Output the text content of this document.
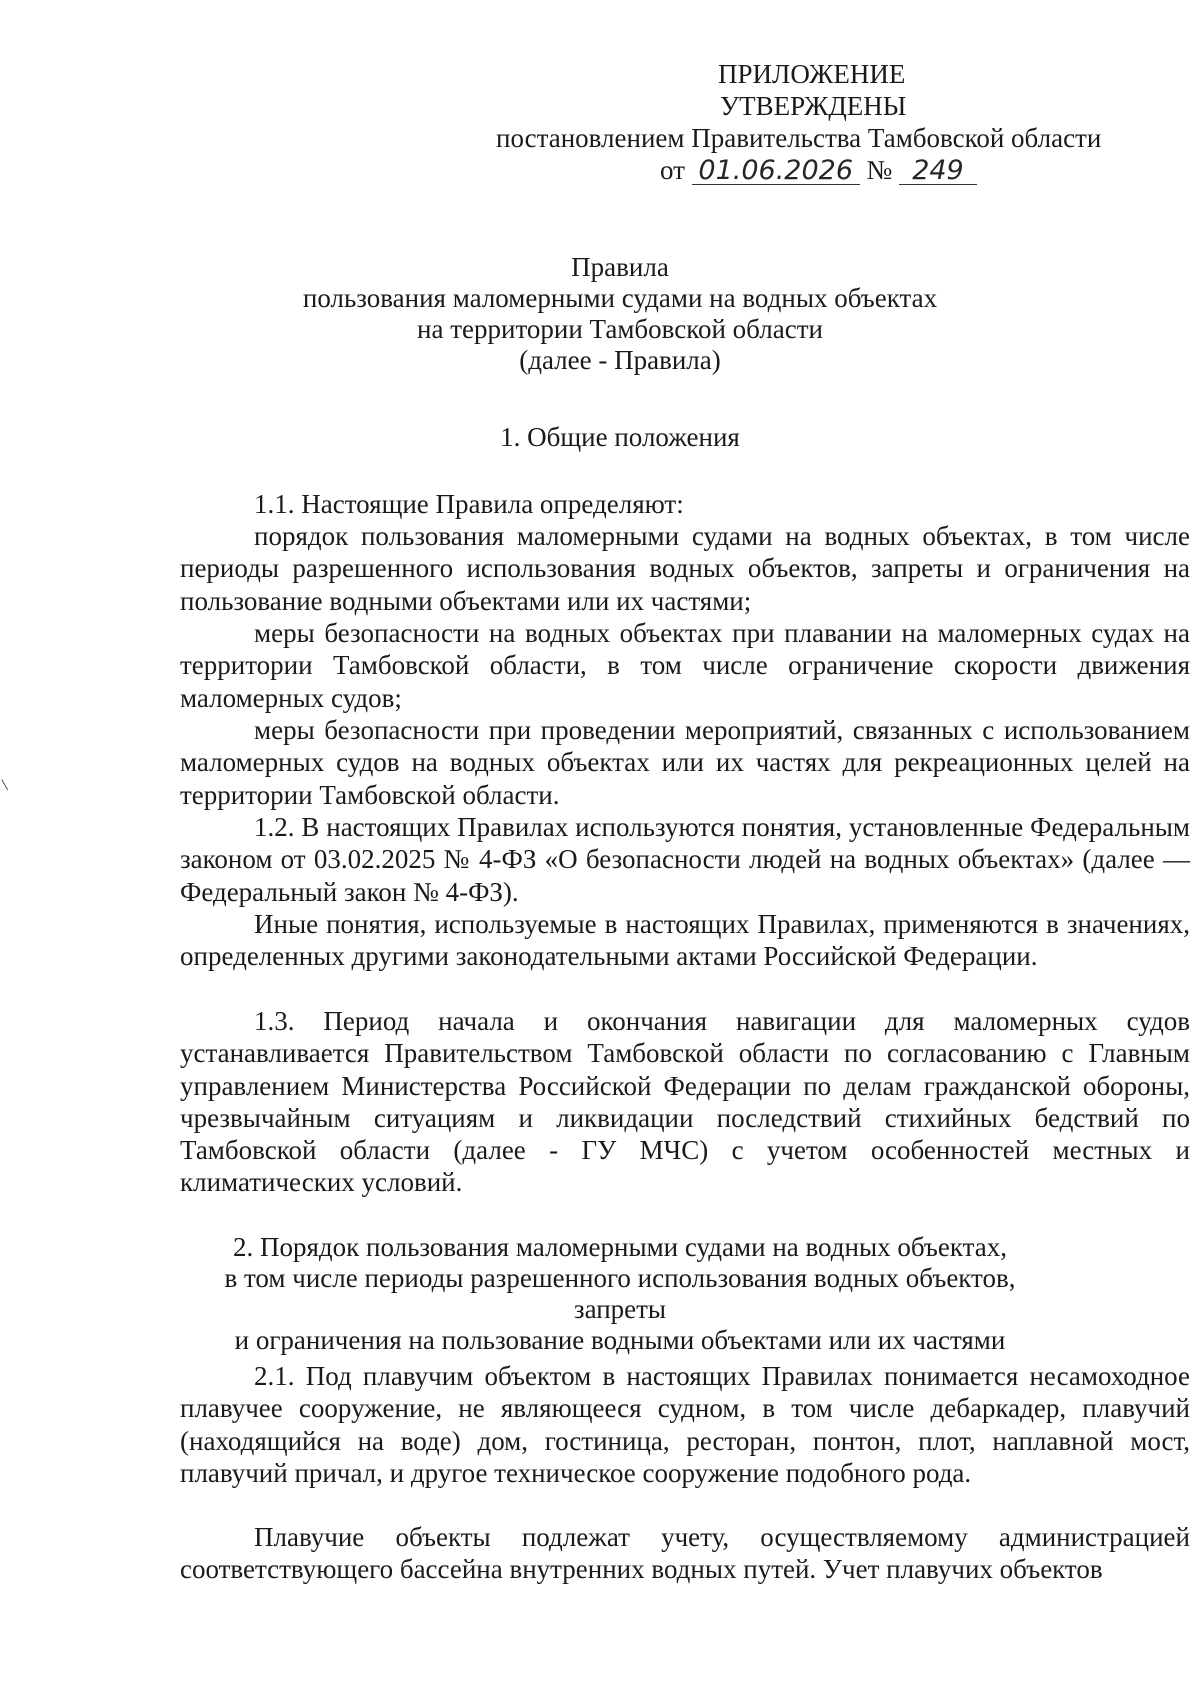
ПРИЛОЖЕНИЕ
УТВЕРЖДЕНЫ
постановлением Правительства Тамбовской области
от 01.06.2026 № 249
Правила
пользования маломерными судами на водных объектах
на территории Тамбовской области
(далее - Правила)
1. Общие положения

1.1. Настоящие Правила определяют:

порядок пользования маломерными судами на водных объектах, в том числе периоды разрешенного использования водных объектов, запреты и ограничения на пользование водными объектами или их частями;

меры безопасности на водных объектах при плавании на маломерных судах на территории Тамбовской области, в том числе ограничение скорости движения маломерных судов;

меры безопасности при проведении мероприятий, связанных с использованием маломерных судов на водных объектах или их частях для рекреационных целей на территории Тамбовской области.

1.2. В настоящих Правилах используются понятия, установленные Федеральным законом от 03.02.2025 № 4-ФЗ «О безопасности людей на водных объектах» (далее — Федеральный закон № 4-ФЗ).

Иные понятия, используемые в настоящих Правилах, применяются в значениях, определенных другими законодательными актами Российской Федерации.

1.3. Период начала и окончания навигации для маломерных судов устанавливается Правительством Тамбовской области по согласованию с Главным управлением Министерства Российской Федерации по делам гражданской обороны, чрезвычайным ситуациям и ликвидации последствий стихийных бедствий по Тамбовской области (далее - ГУ МЧС) с учетом особенностей местных и климатических условий.

2. Порядок пользования маломерными судами на водных объектах,
в том числе периоды разрешенного использования водных объектов, запреты
и ограничения на пользование водными объектами или их частями

2.1. Под плавучим объектом в настоящих Правилах понимается несамоходное плавучее сооружение, не являющееся судном, в том числе дебаркадер, плавучий (находящийся на воде) дом, гостиница, ресторан, понтон, плот, наплавной мост, плавучий причал, и другое техническое сооружение подобного рода.

Плавучие объекты подлежат учету, осуществляемому администрацией соответствующего бассейна внутренних водных путей. Учет плавучих объектов
